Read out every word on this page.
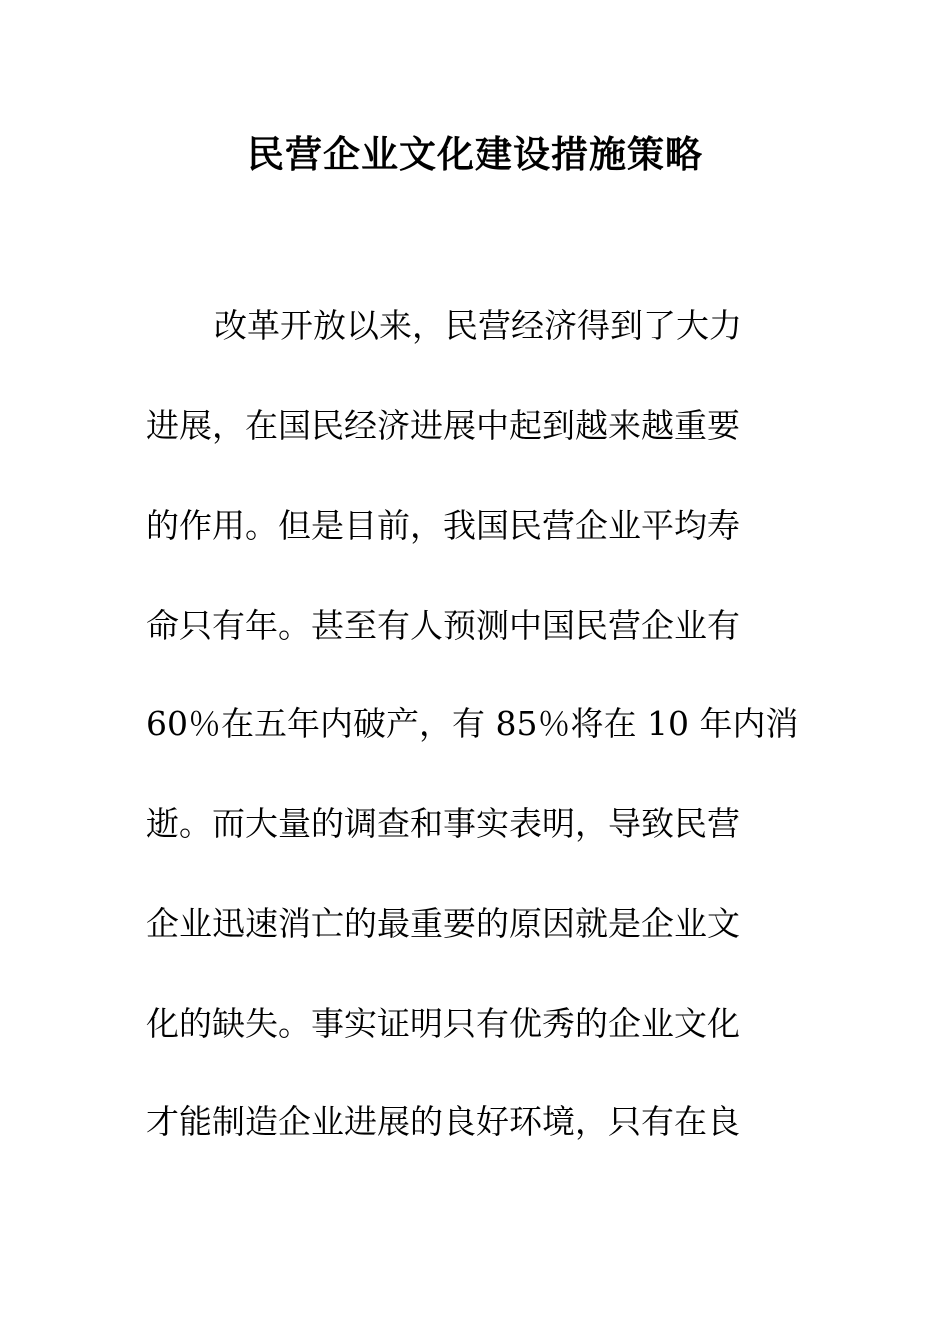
民营企业文化建设措施策略
改革开放以来，民营经济得到了大力
进展，在国民经济进展中起到越来越重要
的作用。但是目前，我国民营企业平均寿
命只有年。甚至有人预测中国民营企业有
60％在五年内破产，有 85％将在 10 年内消
逝。而大量的调查和事实表明，导致民营
企业迅速消亡的最重要的原因就是企业文
化的缺失。事实证明只有优秀的企业文化
才能制造企业进展的良好环境，只有在良
